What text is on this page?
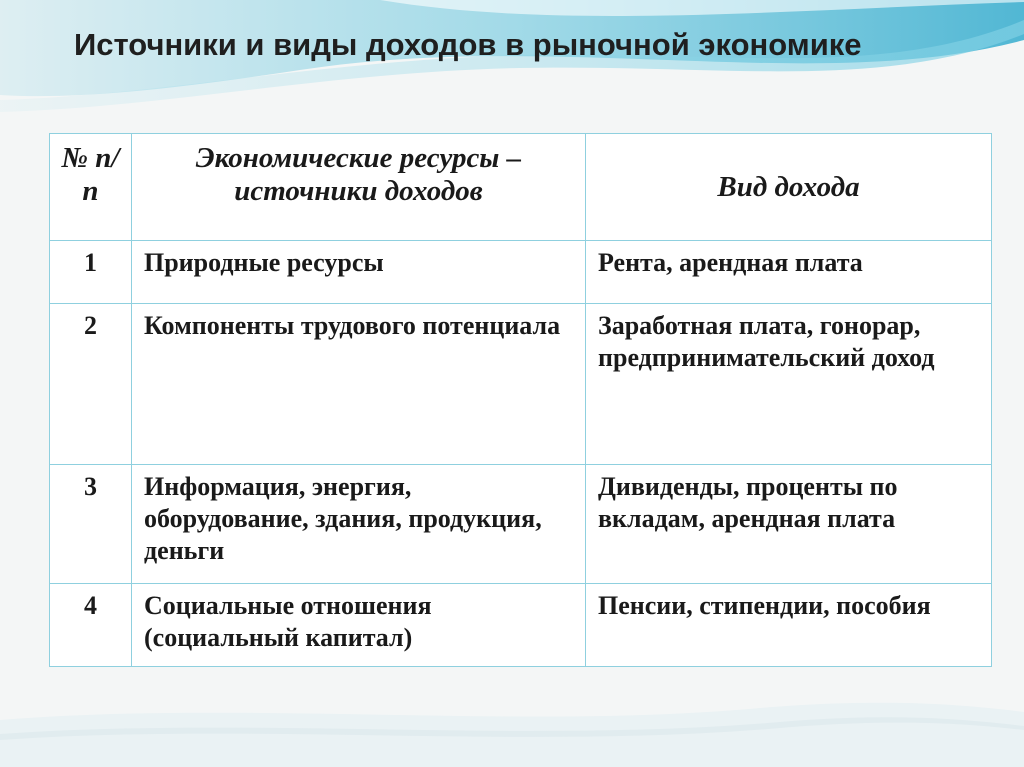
Источники и виды доходов в рыночной экономике
№ п/п	Экономические ресурсы – источники доходов	Вид дохода
1	Природные ресурсы	Рента, арендная плата
2	Компоненты трудового потенциала	Заработная плата, гонорар, предпринимательский доход
3	Информация, энергия, оборудование, здания, продукция, деньги	Дивиденды, проценты по вкладам, арендная плата
4	Социальные отношения (социальный капитал)	Пенсии, стипендии, пособия
